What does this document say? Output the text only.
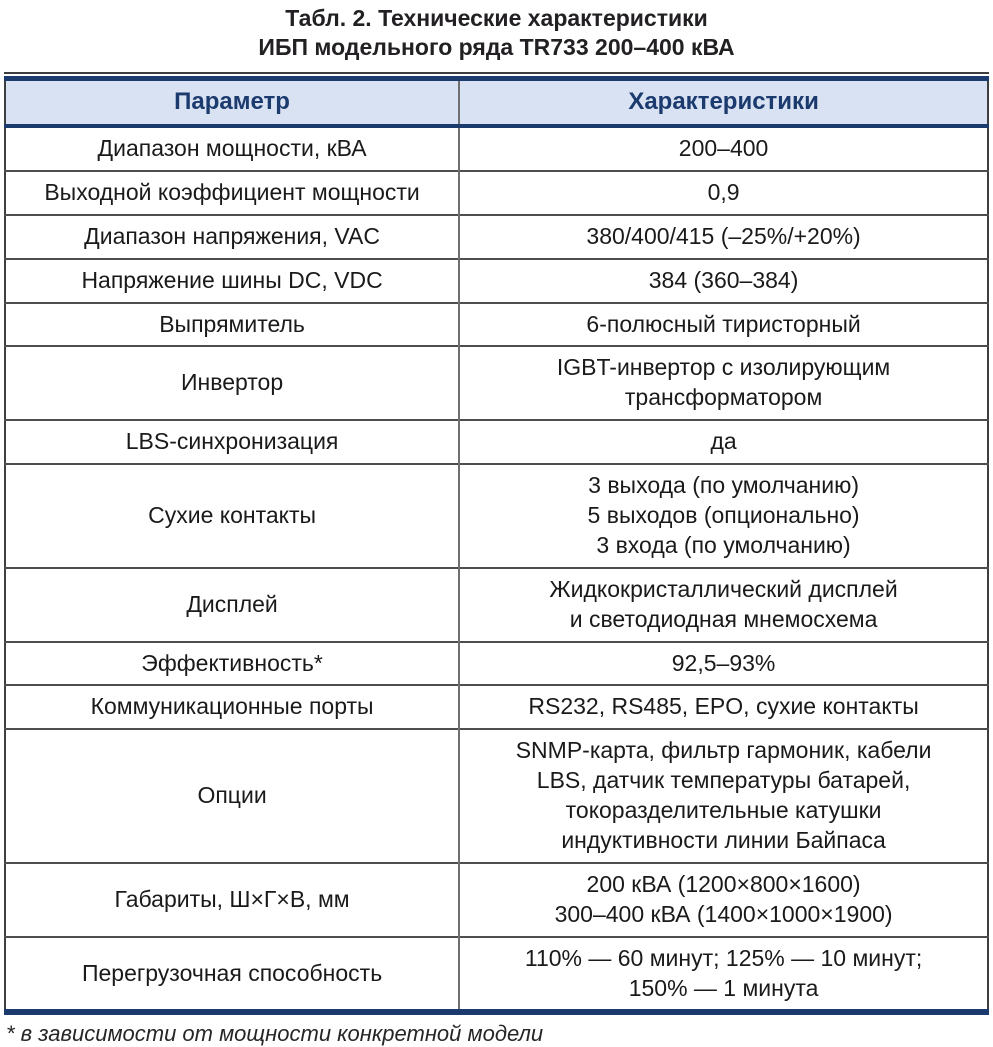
Табл. 2. Технические характеристики
ИБП модельного ряда TR733 200–400 кВА
Параметр	Характеристики
Диапазон мощности, кВА	200–400

Выходной коэффициент мощности	0,9

Диапазон напряжения, VAC	380/400/415 (–25%/+20%)

Напряжение шины DC, VDC	384 (360–384)

Выпрямитель	6-полюсный тиристорный

Инвертор	IGBT-инвертор с изолирующим
трансформатором

LBS-синхронизация	да

Сухие контакты	3 выхода (по умолчанию)
5 выходов (опционально)
3 входа (по умолчанию)

Дисплей	Жидкокристаллический дисплей
и светодиодная мнемосхема

Эффективность*	92,5–93%

Коммуникационные порты	RS232, RS485, EPO, сухие контакты

Опции	SNMP-карта, фильтр гармоник, кабели
LBS, датчик температуры батарей,
токоразделительные катушки
индуктивности линии Байпаса

Габариты, Ш×Г×В, мм	200 кВА (1200×800×1600)
300–400 кВА (1400×1000×1900)

Перегрузочная способность	110% — 60 минут; 125% — 10 минут;
150% — 1 минута
* в зависимости от мощности конкретной модели
